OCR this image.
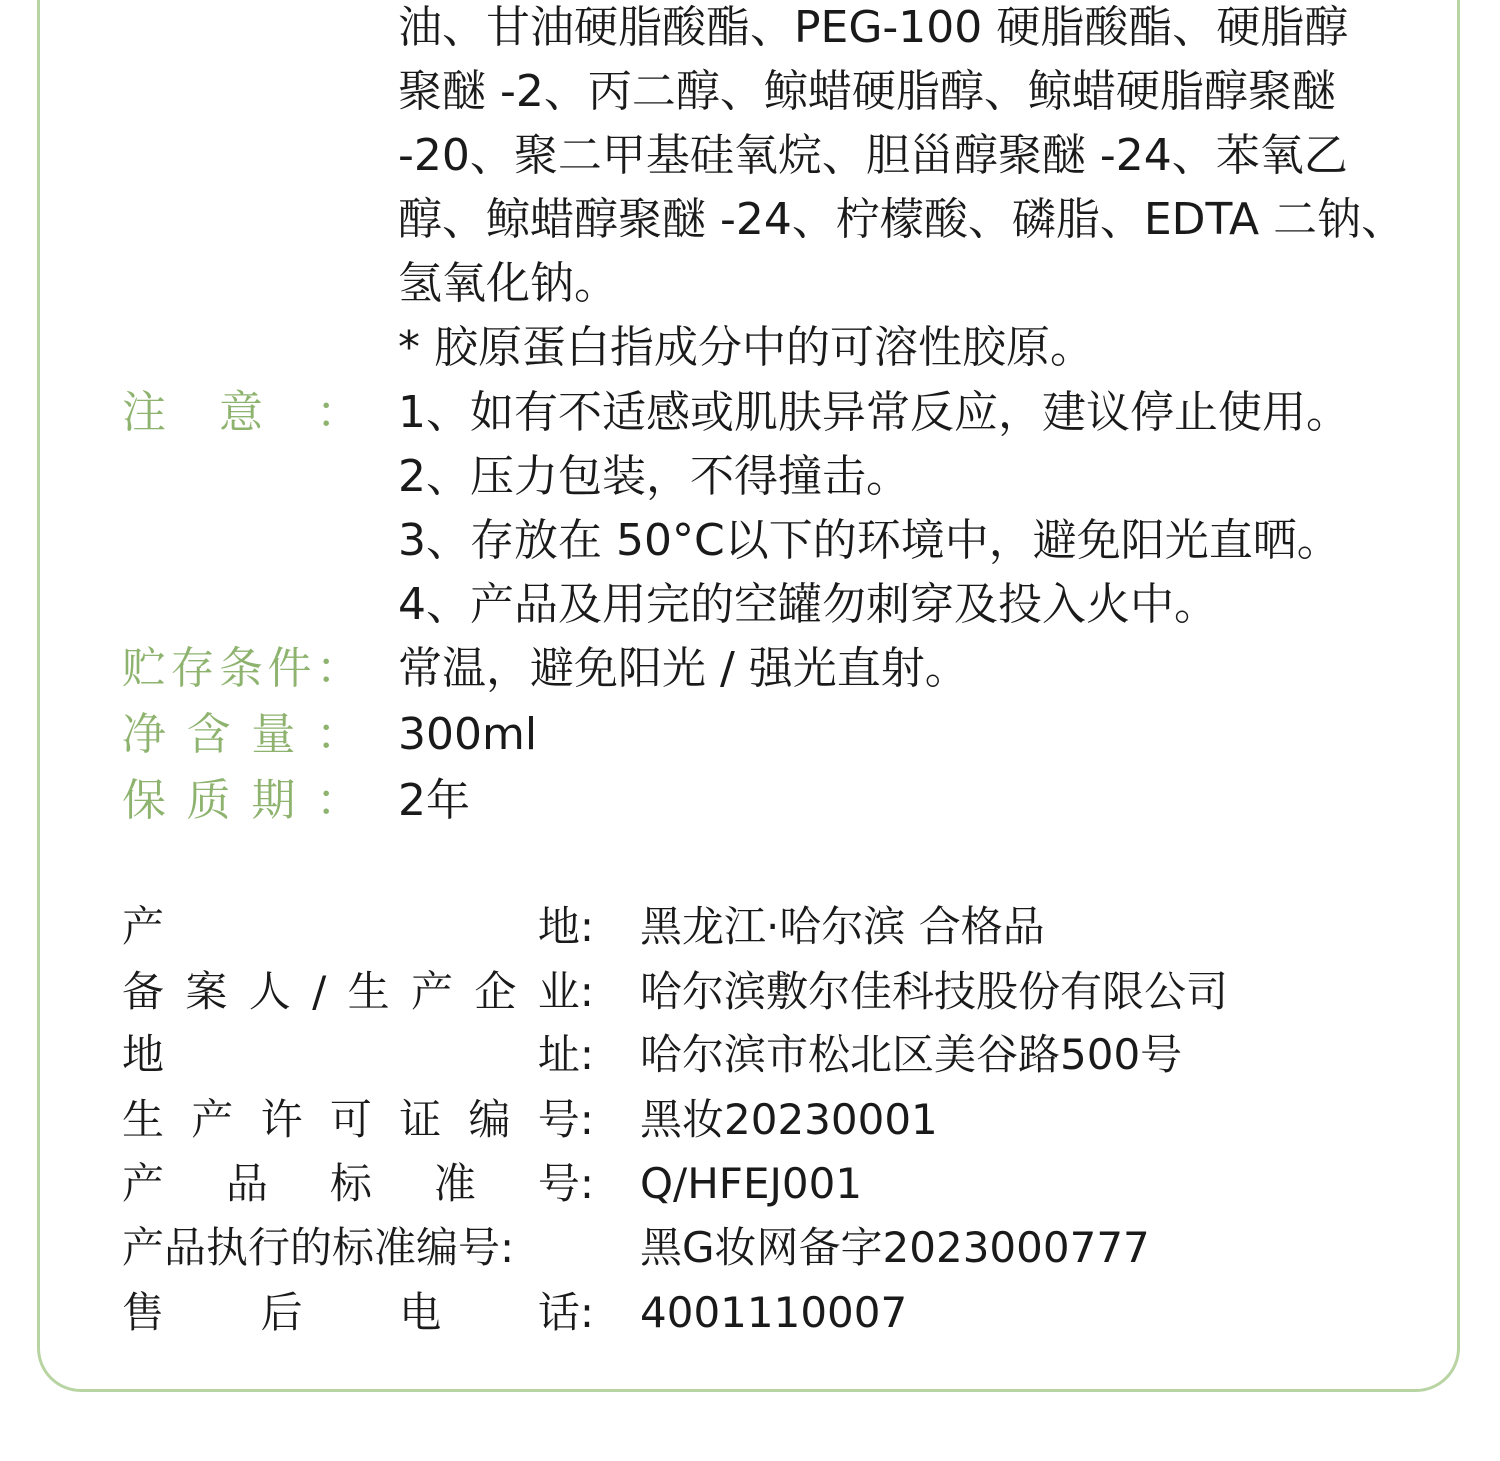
油、甘油硬脂酸酯、PEG-100 硬脂酸酯、硬脂醇
聚醚 -2、丙二醇、鲸蜡硬脂醇、鲸蜡硬脂醇聚醚
-20、聚二甲基硅氧烷、胆甾醇聚醚 -24、苯氧乙
醇、鲸蜡醇聚醚 -24、柠檬酸、磷脂、EDTA 二钠、
氢氧化钠。
* 胶原蛋白指成分中的可溶性胶原。
注 意 ： 1、如有不适感或肌肤异常反应，建议停止使用。
2、压力包装，不得撞击。
3、存放在 50°C以下的环境中，避免阳光直晒。
4、产品及用完的空罐勿刺穿及投入火中。
贮 存 条 件 ： 常温，避免阳光 / 强光直射。
净 含 量 ： 300ml
保 质 期 ： 2年
产	地: 黑龙江·哈尔滨 合格品
备 案 人 / 生 产 企 业: 哈尔滨敷尔佳科技股份有限公司
地	址: 哈尔滨市松北区美谷路500号
生 产 许 可 证 编 号: 黑妆20230001
产 品 标 准 号: Q/HFEJ001
产品执行的标准编号:	黑G妆网备字2023000777
售 后 电 话: 4001110007
